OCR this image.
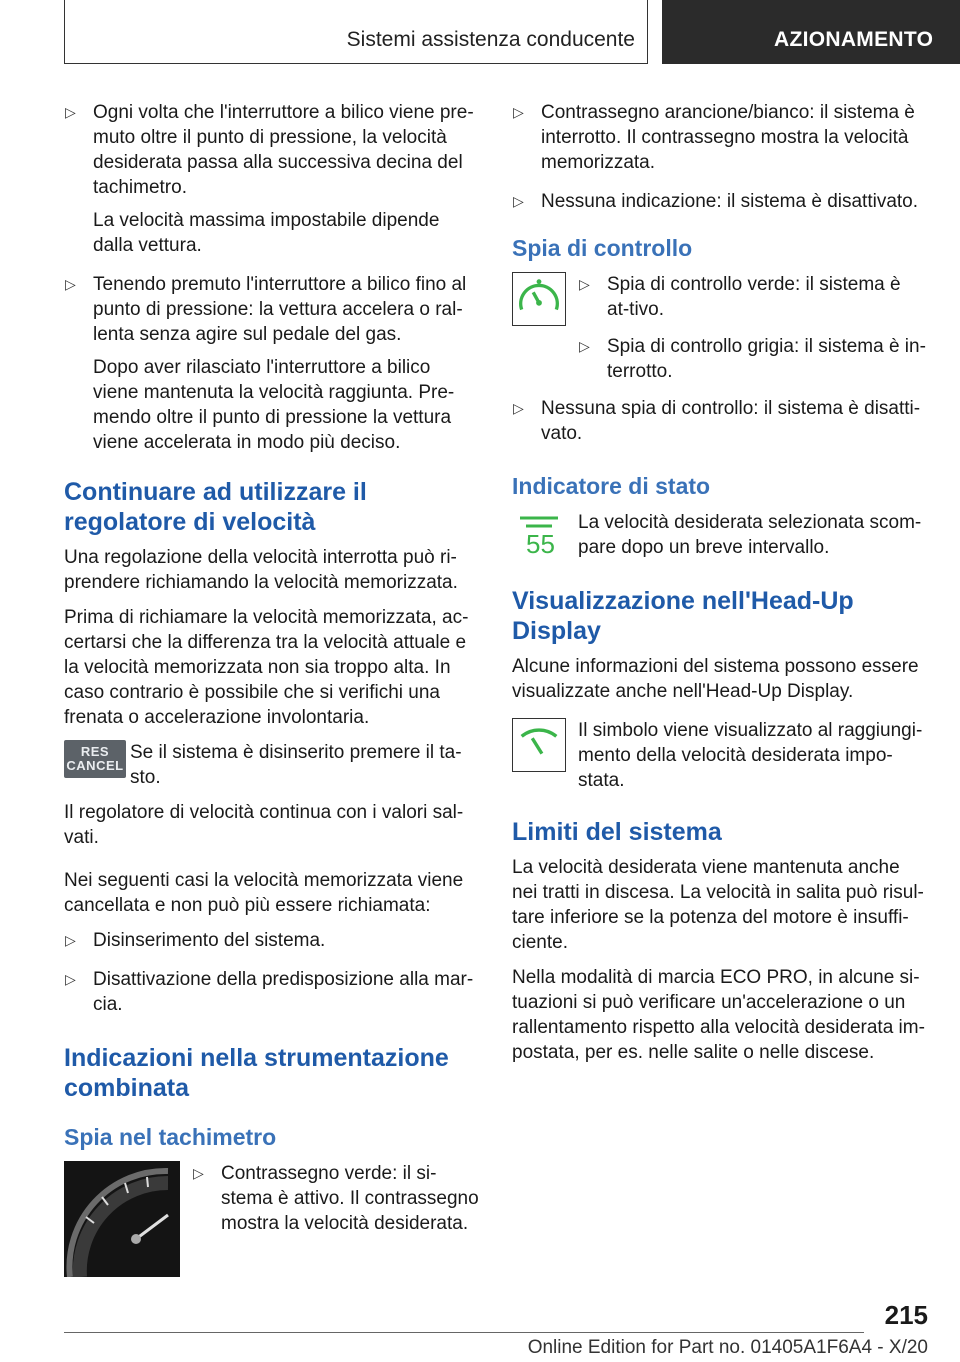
Sistemi assistenza conducente	AZIONAMENTO
▷ Ogni volta che l'interruttore a bilico viene pre-muto oltre il punto di pressione, la velocità desiderata passa alla successiva decina del tachimetro.

La velocità massima impostabile dipende dalla vettura.

▷ Tenendo premuto l'interruttore a bilico fino al punto di pressione: la vettura accelera o ral-lenta senza agire sul pedale del gas.

Dopo aver rilasciato l'interruttore a bilico viene mantenuta la velocità raggiunta. Pre-mendo oltre il punto di pressione la vettura viene accelerata in modo più deciso.

Continuare ad utilizzare il regolatore di velocità

Una regolazione della velocità interrotta può ri-prendere richiamando la velocità memorizzata.

Prima di richiamare la velocità memorizzata, ac-certarsi che la differenza tra la velocità attuale e la velocità memorizzata non sia troppo alta. In caso contrario è possibile che si verifichi una frenata o accelerazione involontaria.

RES
CANCEL

Se il sistema è disinserito premere il ta-sto.

Il regolatore di velocità continua con i valori sal-vati.

Nei seguenti casi la velocità memorizzata viene cancellata e non può più essere richiamata:

▷ Disinserimento del sistema.

▷ Disattivazione della predisposizione alla mar-cia.

Indicazioni nella strumentazione combinata
Spia nel tachimetro
▷ Contrassegno verde: il si-stema è attivo. Il contrassegno mostra la velocità desiderata.

▷ Contrassegno arancione/bianco: il sistema è interrotto. Il contrassegno mostra la velocità memorizzata.

▷ Nessuna indicazione: il sistema è disattivato.

Spia di controllo
▷ Spia di controllo verde: il sistema è at-tivo.

▷ Spia di controllo grigia: il sistema è in-terrotto.

▷ Nessuna spia di controllo: il sistema è disatti-vato.

Indicatore di stato
55

La velocità desiderata selezionata scom-pare dopo un breve intervallo.

Visualizzazione nell'Head-Up Display

Alcune informazioni del sistema possono essere visualizzate anche nell'Head-Up Display.

Il simbolo viene visualizzato al raggiungi-mento della velocità desiderata impo-stata.

Limiti del sistema

La velocità desiderata viene mantenuta anche nei tratti in discesa. La velocità in salita può risul-tare inferiore se la potenza del motore è insuffi-ciente.

Nella modalità di marcia ECO PRO, in alcune si-tuazioni si può verificare un'accelerazione o un rallentamento rispetto alla velocità desiderata im-postata, per es. nelle salite o nelle discese.

215
Online Edition for Part no. 01405A1F6A4 - X/20
